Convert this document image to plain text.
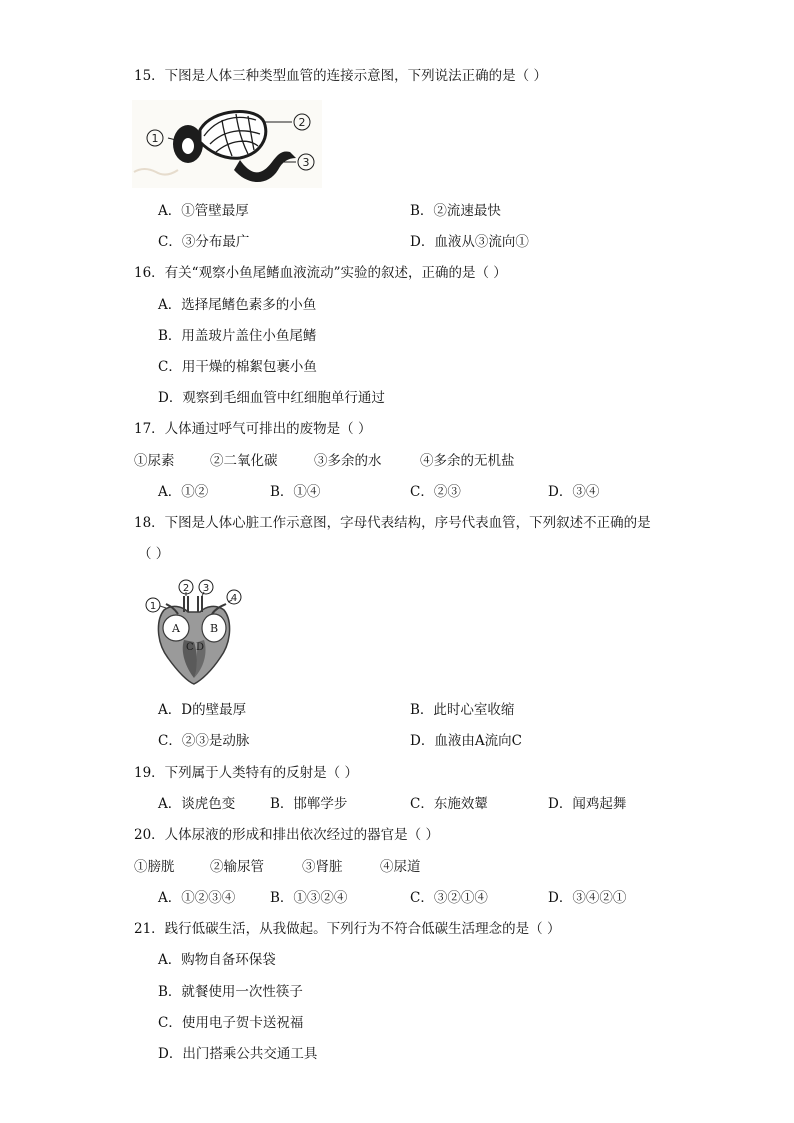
15．下图是人体三种类型血管的连接示意图，下列说法正确的是（ ）
1
2
3
A．①管壁最厚	B．②流速最快
C．③分布最广	D．血液从③流向①
16．有关“观察小鱼尾鳍血液流动”实验的叙述，正确的是（ ）
A．选择尾鳍色素多的小鱼
B．用盖玻片盖住小鱼尾鳍
C．用干燥的棉絮包裹小鱼
D．观察到毛细血管中红细胞单行通过
17．人体通过呼气可排出的废物是（ ）
①尿素	②二氧化碳	③多余的水	④多余的无机盐
A．①②	B．①④	C．②③	D．③④
18．下图是人体心脏工作示意图，字母代表结构，序号代表血管，下列叙述不正确的是
（ ）
1
2 3
4
A	B
C D
A．D的壁最厚	B．此时心室收缩
C．②③是动脉	D．血液由A流向C
19．下列属于人类特有的反射是（ ）
A．谈虎色变	B．邯郸学步	C．东施效颦	D．闻鸡起舞
20．人体尿液的形成和排出依次经过的器官是（ ）
①膀胱	②输尿管	③肾脏	④尿道
A．①②③④	B．①③②④	C．③②①④	D．③④②①
21．践行低碳生活，从我做起。下列行为不符合低碳生活理念的是（ ）
A．购物自备环保袋
B．就餐使用一次性筷子
C．使用电子贺卡送祝福
D．出门搭乘公共交通工具
